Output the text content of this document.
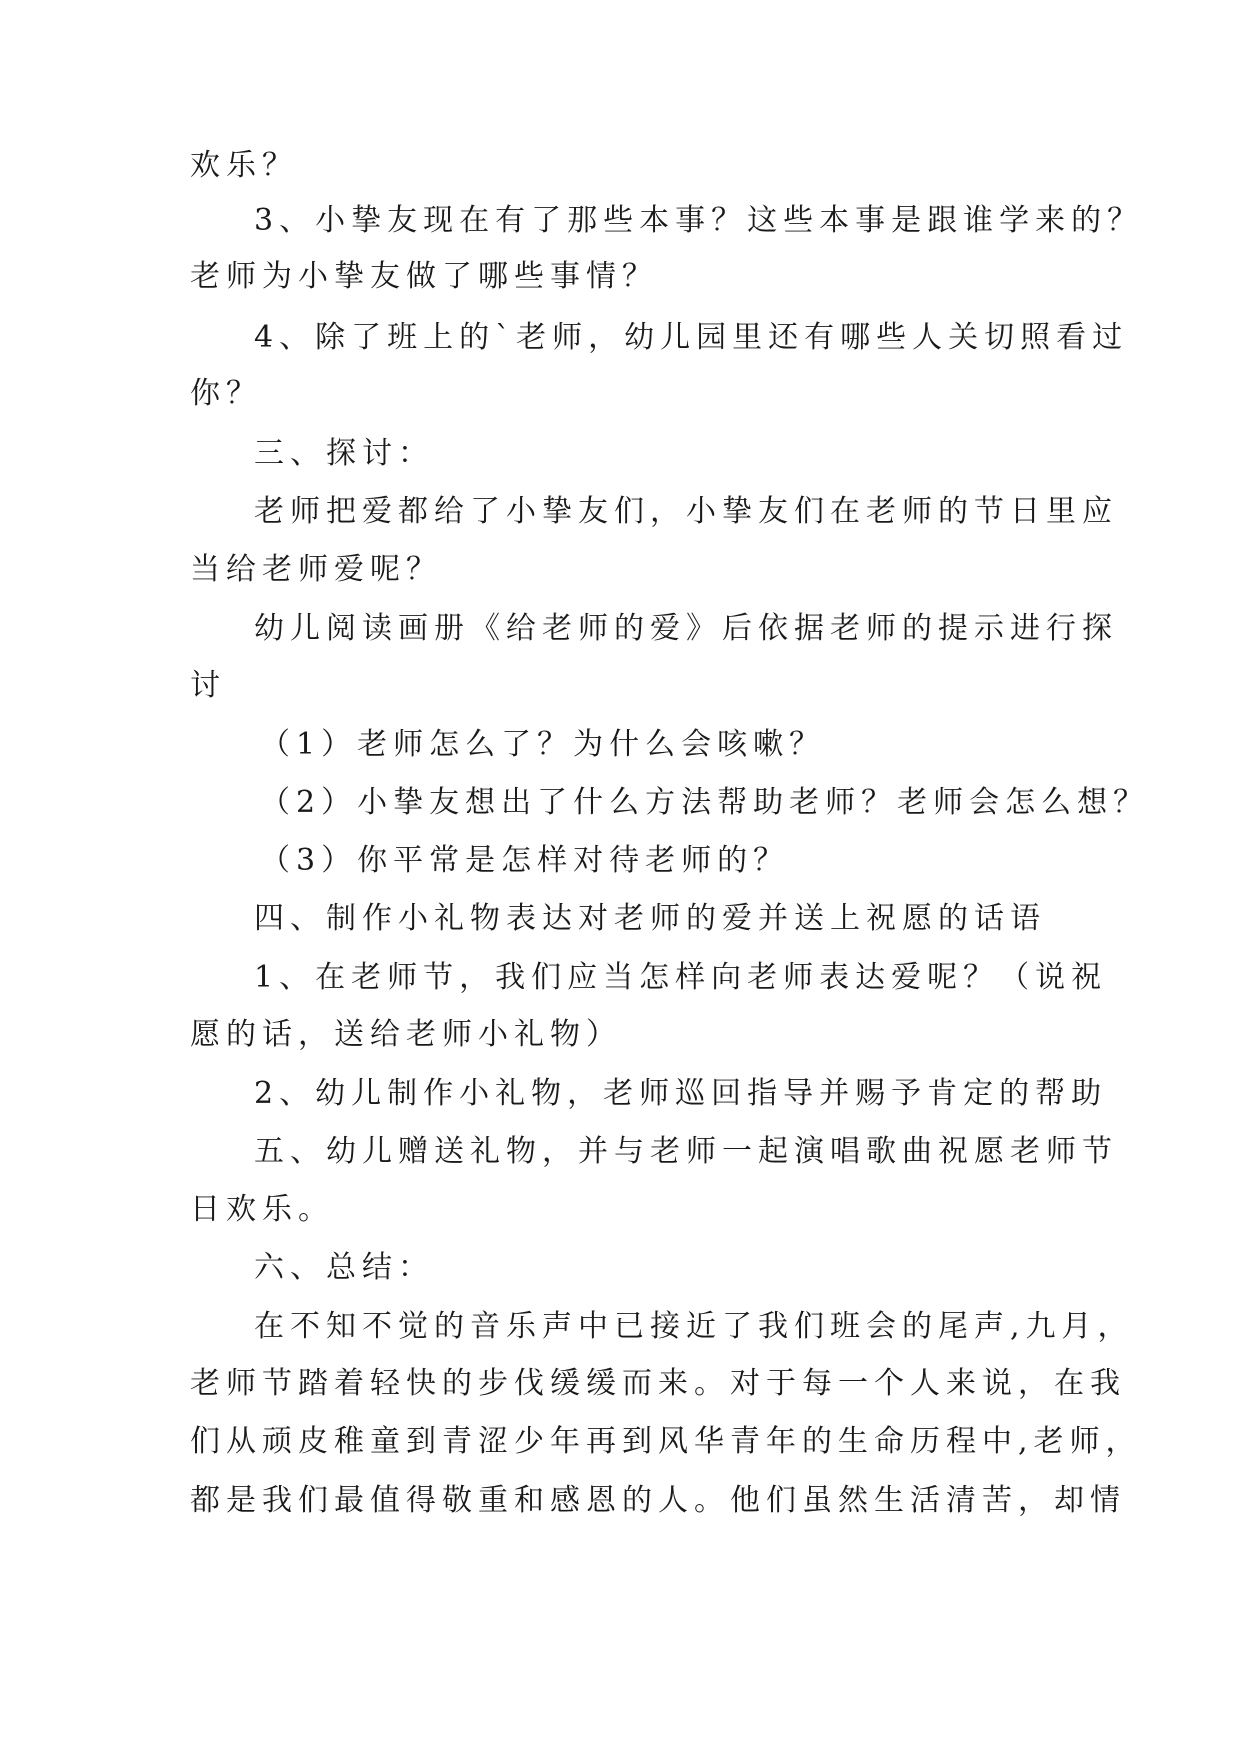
欢乐？
3、小挚友现在有了那些本事？这些本事是跟谁学来的？
老师为小挚友做了哪些事情？
4、除了班上的`老师，幼儿园里还有哪些人关切照看过
你？
三、探讨：
老师把爱都给了小挚友们，小挚友们在老师的节日里应
当给老师爱呢？
幼儿阅读画册《给老师的爱》后依据老师的提示进行探
讨
（1）老师怎么了？为什么会咳嗽？
（2）小挚友想出了什么方法帮助老师？老师会怎么想？
（3）你平常是怎样对待老师的？
四、制作小礼物表达对老师的爱并送上祝愿的话语
1、在老师节，我们应当怎样向老师表达爱呢？（说祝
愿的话，送给老师小礼物）
2、幼儿制作小礼物，老师巡回指导并赐予肯定的帮助
五、幼儿赠送礼物，并与老师一起演唱歌曲祝愿老师节
日欢乐。
六、总结：
在不知不觉的音乐声中已接近了我们班会的尾声,九月，
老师节踏着轻快的步伐缓缓而来。对于每一个人来说，在我
们从顽皮稚童到青涩少年再到风华青年的生命历程中,老师，
都是我们最值得敬重和感恩的人。他们虽然生活清苦，却情
